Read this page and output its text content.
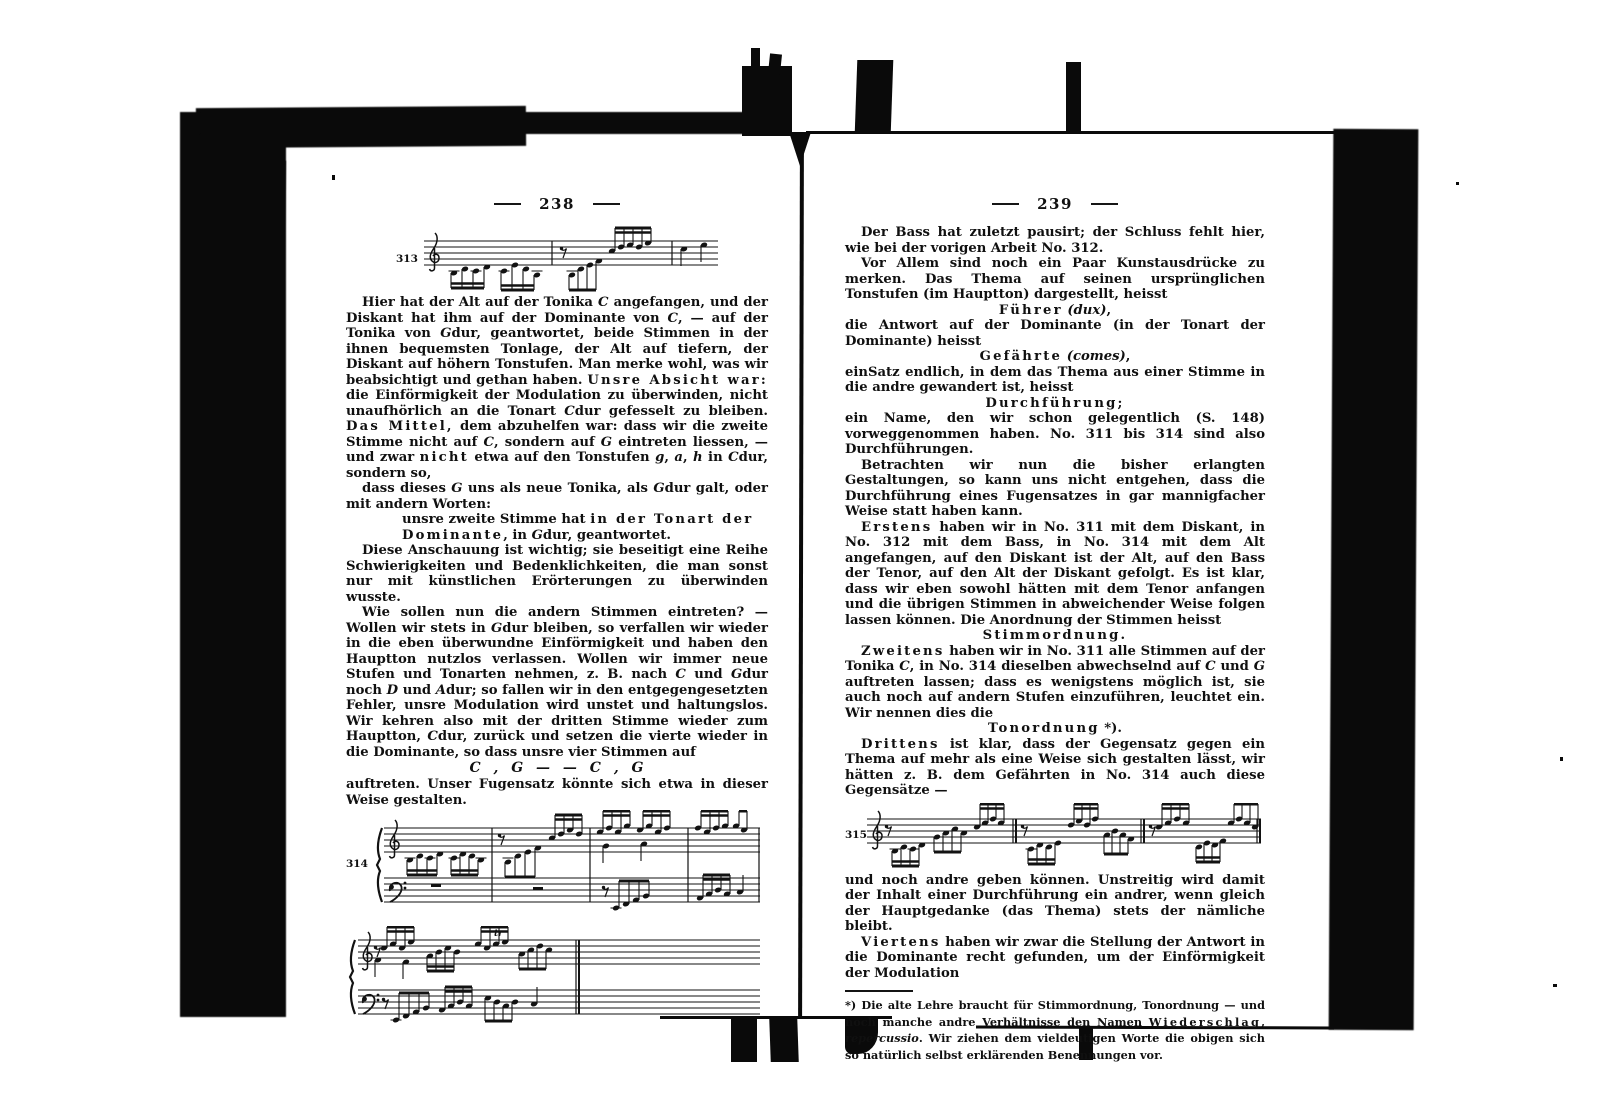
238
313

Hier hat der Alt auf der Tonika C angefangen, und der Diskant hat ihm auf der Dominante von C, — auf der Tonika von Gdur, geantwortet, beide Stimmen in der ihnen bequemsten Tonlage, der Alt auf tiefern, der Diskant auf höhern Tonstufen. Man merke wohl, was wir beabsichtigt und gethan haben. Unsre Absicht war: die Einförmigkeit der Modulation zu überwinden, nicht unaufhörlich an die Tonart Cdur gefesselt zu bleiben. Das Mittel, dem abzuhelfen war: dass wir die zweite Stimme nicht auf C, sondern auf G eintreten liessen, — und zwar nicht etwa auf den Tonstufen g, a, h in Cdur, sondern so,

dass dieses G uns als neue Tonika, als Gdur galt, oder mit andern Worten:

unsre zweite Stimme hat in der Tonart der Dominante, in Gdur, geantwortet.

Diese Anschauung ist wichtig; sie beseitigt eine Reihe Schwierigkeiten und Bedenklichkeiten, die man sonst nur mit künstlichen Erörterungen zu überwinden wusste.

Wie sollen nun die andern Stimmen eintreten? — Wollen wir stets in Gdur bleiben, so verfallen wir wieder in die eben überwundne Einförmigkeit und haben den Hauptton nutzlos verlassen. Wollen wir immer neue Stufen und Tonarten nehmen, z. B. nach C und Gdur noch D und Adur; so fallen wir in den entgegengesetzten Fehler, unsre Modulation wird unstet und haltungslos. Wir kehren also mit der dritten Stimme wieder zum Hauptton, Cdur, zurück und setzen die vierte wieder in die Dominante, so dass unsre vier Stimmen auf

C , G — — C , G

auftreten. Unser Fugensatz könnte sich etwa in dieser Weise gestalten.

314
tr
239

Der Bass hat zuletzt pausirt; der Schluss fehlt hier, wie bei der vorigen Arbeit No. 312.

Vor Allem sind noch ein Paar Kunstausdrücke zu merken. Das Thema auf seinen ursprünglichen Tonstufen (im Hauptton) dargestellt, heisst

Führer (dux),

die Antwort auf der Dominante (in der Tonart der Dominante) heisst

Gefährte (comes),

einSatz endlich, in dem das Thema aus einer Stimme in die andre gewandert ist, heisst

Durchführung;

ein Name, den wir schon gelegentlich (S. 148) vorweggenommen haben. No. 311 bis 314 sind also Durchführungen.

Betrachten wir nun die bisher erlangten Gestaltungen, so kann uns nicht entgehen, dass die Durchführung eines Fugensatzes in gar mannigfacher Weise statt haben kann.

Erstens haben wir in No. 311 mit dem Diskant, in No. 312 mit dem Bass, in No. 314 mit dem Alt angefangen, auf den Diskant ist der Alt, auf den Bass der Tenor, auf den Alt der Diskant gefolgt. Es ist klar, dass wir eben sowohl hätten mit dem Tenor anfangen und die übrigen Stimmen in abweichender Weise folgen lassen können. Die Anordnung der Stimmen heisst

Stimmordnung.

Zweitens haben wir in No. 311 alle Stimmen auf der Tonika C, in No. 314 dieselben abwechselnd auf C und G auftreten lassen; dass es wenigstens möglich ist, sie auch noch auf andern Stufen einzuführen, leuchtet ein. Wir nennen dies die

Tonordnung *).

Drittens ist klar, dass der Gegensatz gegen ein Thema auf mehr als eine Weise sich gestalten lässt, wir hätten z. B. dem Gefährten in No. 314 auch diese Gegensätze —

315

und noch andre geben können. Unstreitig wird damit der Inhalt einer Durchführung ein andrer, wenn gleich der Hauptgedanke (das Thema) stets der nämliche bleibt.

Viertens haben wir zwar die Stellung der Antwort in die Dominante recht gefunden, um der Einförmigkeit der Modulation

*) Die alte Lehre braucht für Stimmordnung, Tonordnung — und noch manche andre Verhältnisse den Namen Wiederschlag, repercussio. Wir ziehen dem vieldeutigen Worte die obigen sich so natürlich selbst erklärenden Benennungen vor.
